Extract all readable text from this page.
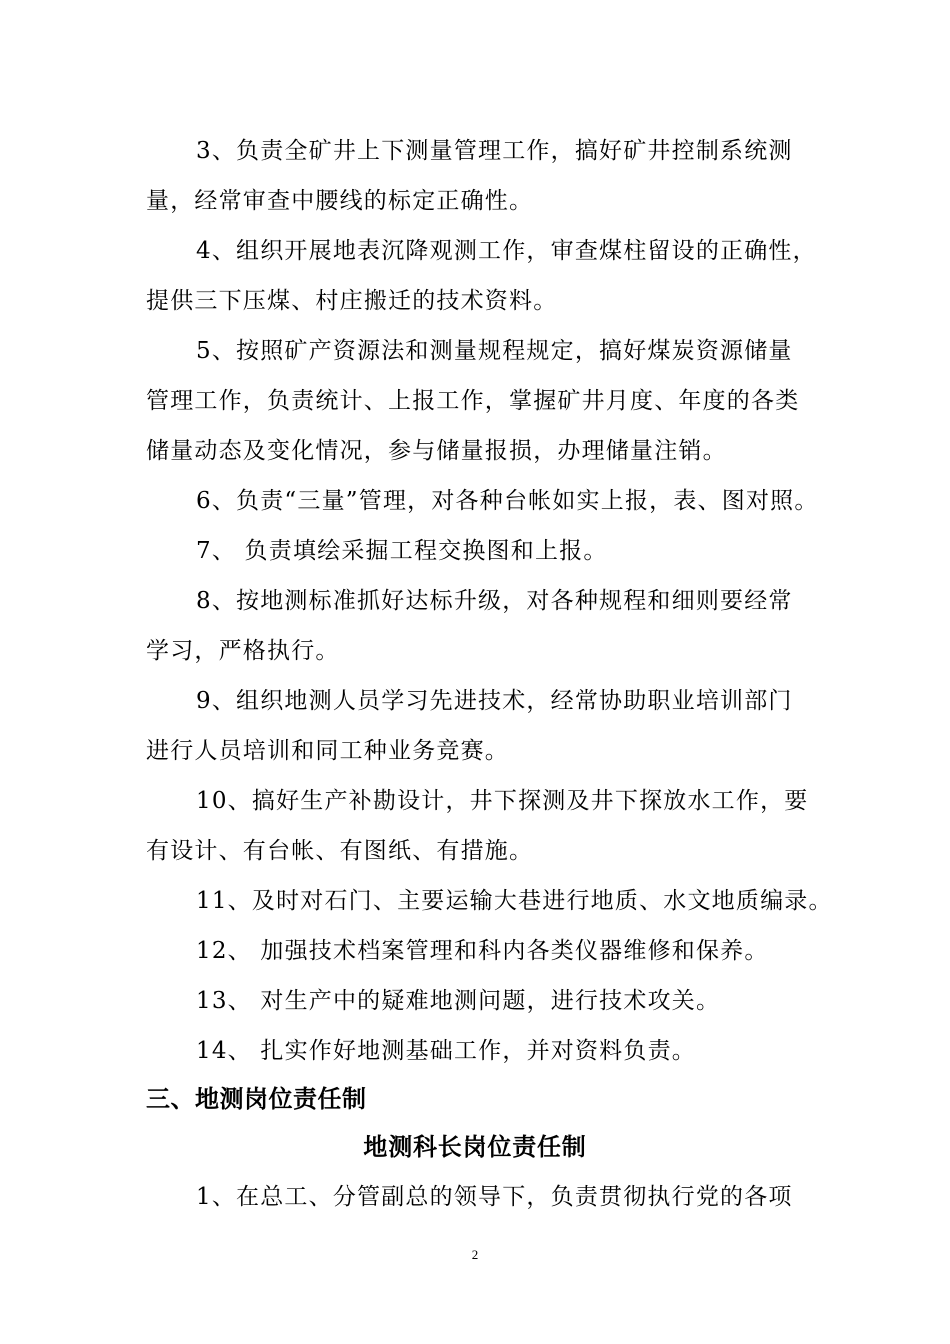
3、负责全矿井上下测量管理工作，搞好矿井控制系统测
量，经常审查中腰线的标定正确性。
4、组织开展地表沉降观测工作，审查煤柱留设的正确性，
提供三下压煤、村庄搬迁的技术资料。
5、按照矿产资源法和测量规程规定，搞好煤炭资源储量
管理工作，负责统计、上报工作，掌握矿井月度、年度的各类
储量动态及变化情况，参与储量报损，办理储量注销。
6、负责“三量”管理，对各种台帐如实上报，表、图对照。
7、 负责填绘采掘工程交换图和上报。
8、按地测标准抓好达标升级，对各种规程和细则要经常
学习，严格执行。
9、组织地测人员学习先进技术，经常协助职业培训部门
进行人员培训和同工种业务竞赛。
10、搞好生产补勘设计，井下探测及井下探放水工作，要
有设计、有台帐、有图纸、有措施。
11、及时对石门、主要运输大巷进行地质、水文地质编录。
12、 加强技术档案管理和科内各类仪器维修和保养。
13、 对生产中的疑难地测问题，进行技术攻关。
14、 扎实作好地测基础工作，并对资料负责。
三、地测岗位责任制
地测科长岗位责任制
1、在总工、分管副总的领导下，负责贯彻执行党的各项
2
